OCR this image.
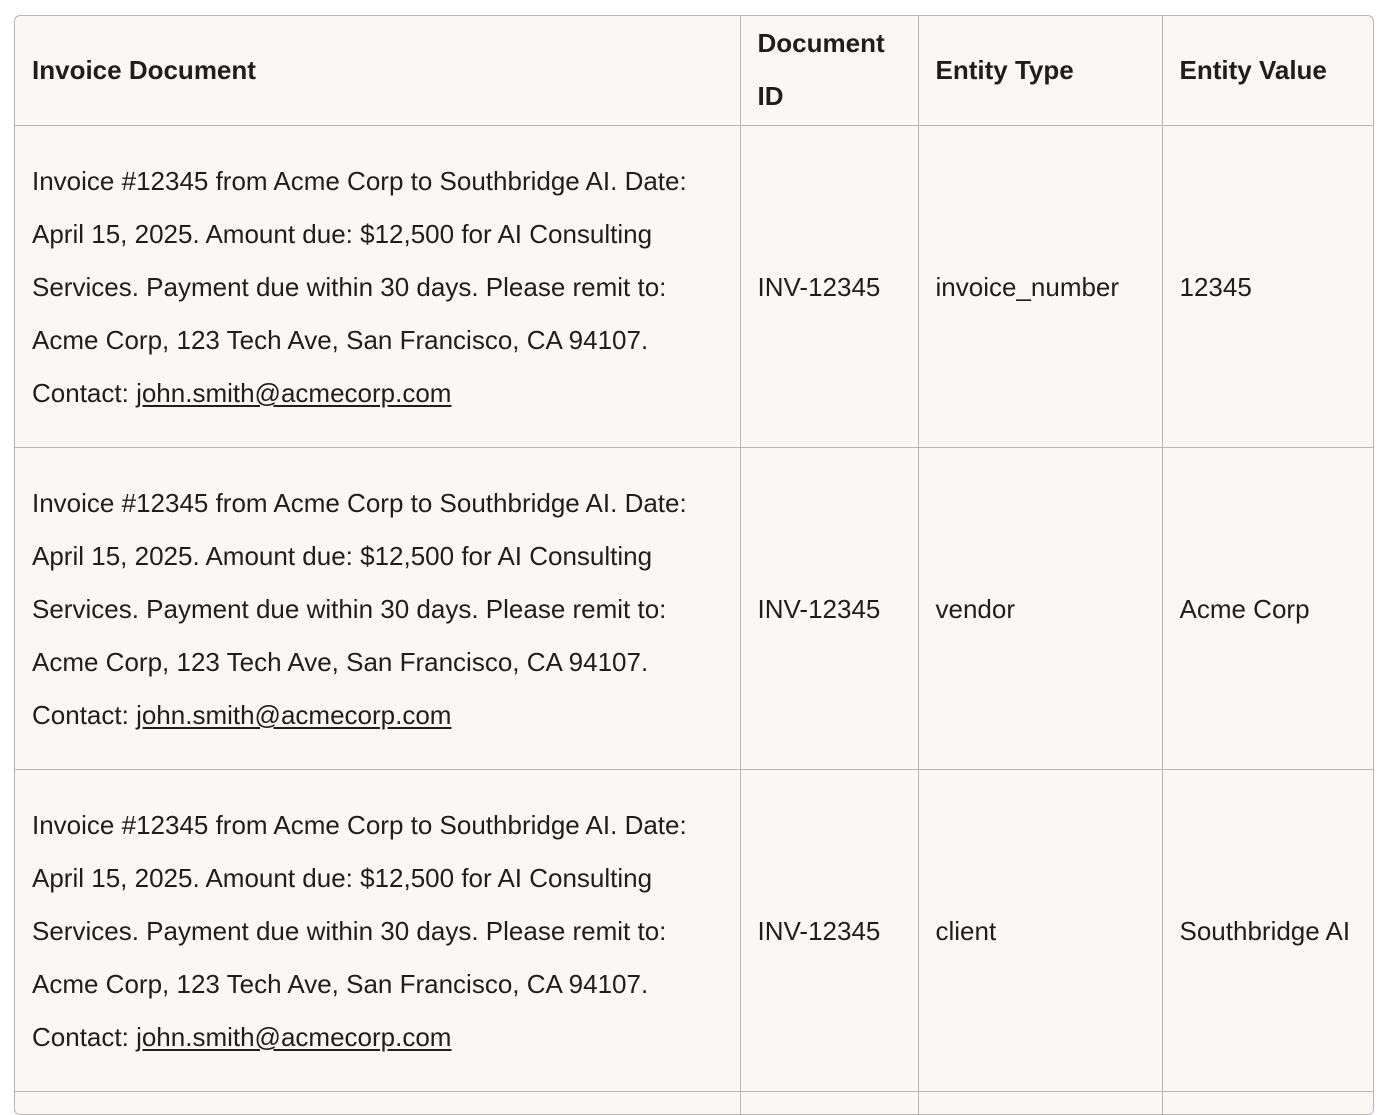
Invoice Document	Document ID	Entity Type	Entity Value
Invoice #12345 from Acme Corp to Southbridge AI. Date: April 15, 2025. Amount due: $12,500 for AI Consulting Services. Payment due within 30 days. Please remit to: Acme Corp, 123 Tech Ave, San Francisco, CA 94107. Contact: john.smith@acmecorp.com	INV-12345	invoice_number	12345
Invoice #12345 from Acme Corp to Southbridge AI. Date: April 15, 2025. Amount due: $12,500 for AI Consulting Services. Payment due within 30 days. Please remit to: Acme Corp, 123 Tech Ave, San Francisco, CA 94107. Contact: john.smith@acmecorp.com	INV-12345	vendor	Acme Corp
Invoice #12345 from Acme Corp to Southbridge AI. Date: April 15, 2025. Amount due: $12,500 for AI Consulting Services. Payment due within 30 days. Please remit to: Acme Corp, 123 Tech Ave, San Francisco, CA 94107. Contact: john.smith@acmecorp.com	INV-12345	client	Southbridge AI
